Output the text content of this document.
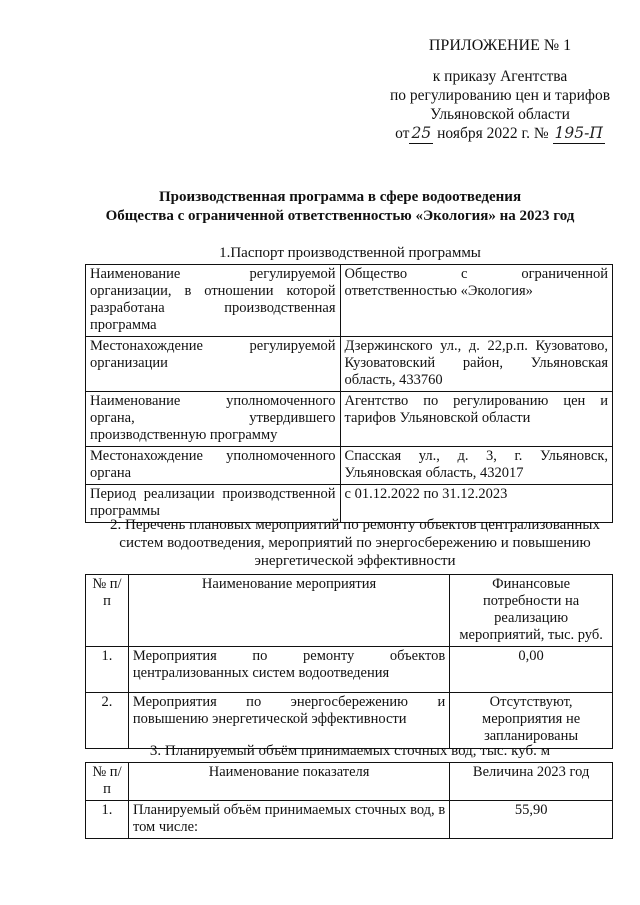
ПРИЛОЖЕНИЕ № 1
к приказу Агентства
по регулированию цен и тарифов
Ульяновской области
от 25 ноября 2022 г. № 195-П
Производственная программа в сфере водоотведения
Общества с ограниченной ответственностью «Экология» на 2023 год
1.Паспорт производственной программы
Наименование регулируемой организации, в отношении которой разработана производственная программа	Общество с ограниченной ответственностью «Экология»
Местонахождение регулируемой организации	Дзержинского ул., д. 22,р.п. Кузоватово, Кузоватовский район, Ульяновская область, 433760
Наименование уполномоченного органа, утвердившего производственную программу	Агентство по регулированию цен и тарифов Ульяновской области
Местонахождение уполномоченного органа	Спасская ул., д. 3, г. Ульяновск, Ульяновская область, 432017
Период реализации производственной программы	с 01.12.2022 по 31.12.2023
2. Перечень плановых мероприятий по ремонту объектов централизованных систем водоотведения, мероприятий по энергосбережению и повышению энергетической эффективности
№ п/п	Наименование мероприятия	Финансовые потребности на реализацию мероприятий, тыс. руб.
1.	Мероприятия по ремонту объектов централизованных систем водоотведения	0,00
2.	Мероприятия по энергосбережению и повышению энергетической эффективности	Отсутствуют, мероприятия не запланированы
3. Планируемый объём принимаемых сточных вод, тыс. куб. м
№ п/п	Наименование показателя	Величина 2023 год
1.	Планируемый объём принимаемых сточных вод, в том числе:	55,90
